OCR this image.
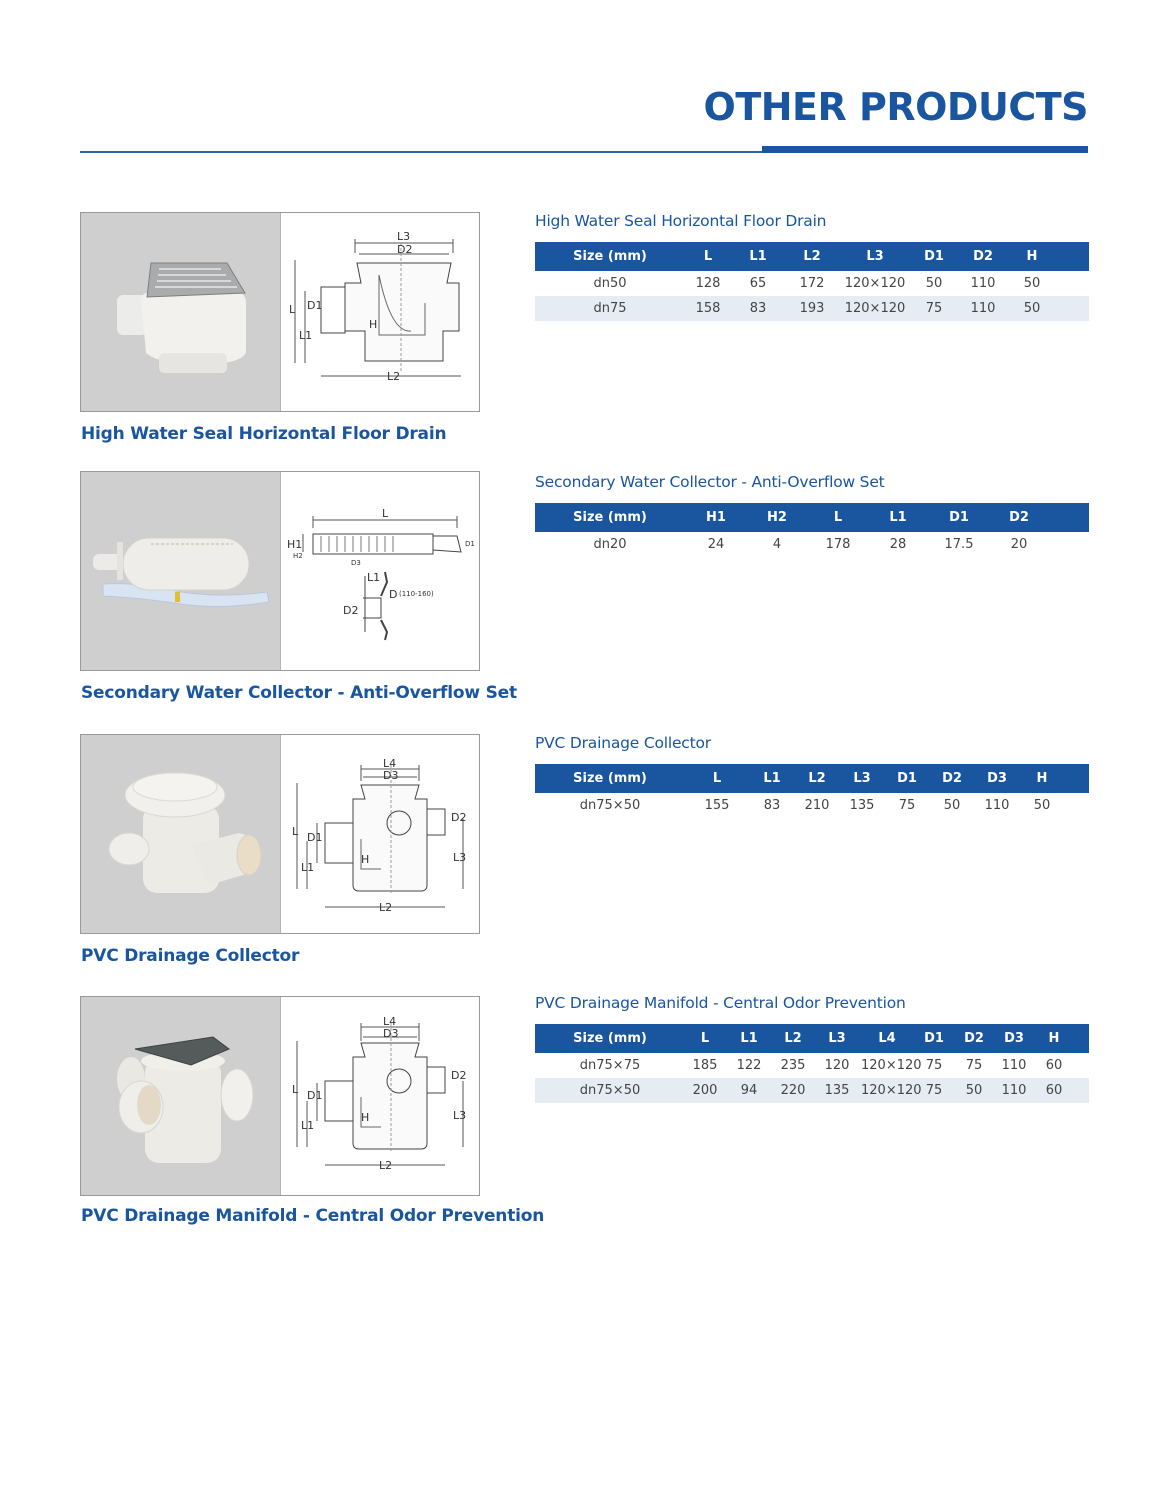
OTHER PRODUCTS
L3
D2
L D1
L1
H
L2
High Water Seal Horizontal Floor Drain
High Water Seal Horizontal Floor Drain
Size (mm)	L	L1	L2	L3	D1	D2	H	
dn50	128	65	172	120×120	50	110	50	
dn75	158	83	193	120×120	75	110	50	
L
H1
H2
D3
D1
L1
D (110-160)
D2
Secondary Water Collector - Anti-Overflow Set
Secondary Water Collector - Anti-Overflow Set
Size (mm)	H1	H2	L	L1	D1	D2	
dn20	24	4	178	28	17.5	20	
L4
D3
L D1
L1
H
D2
L3
L2
PVC Drainage Collector
PVC Drainage Collector
Size (mm)	L	L1	L2	L3	D1	D2	D3	H	
dn75×50	155	83	210	135	75	50	110	50	
L4
D3
L D1
L1
H
D2
L3
L2
PVC Drainage Manifold - Central Odor Prevention
PVC Drainage Manifold - Central Odor Prevention
Size (mm)	L	L1	L2	L3	L4	D1	D2	D3	H	
dn75×75	185	122	235	120	120×120	75	75	110	60	
dn75×50	200	94	220	135	120×120	75	50	110	60	
